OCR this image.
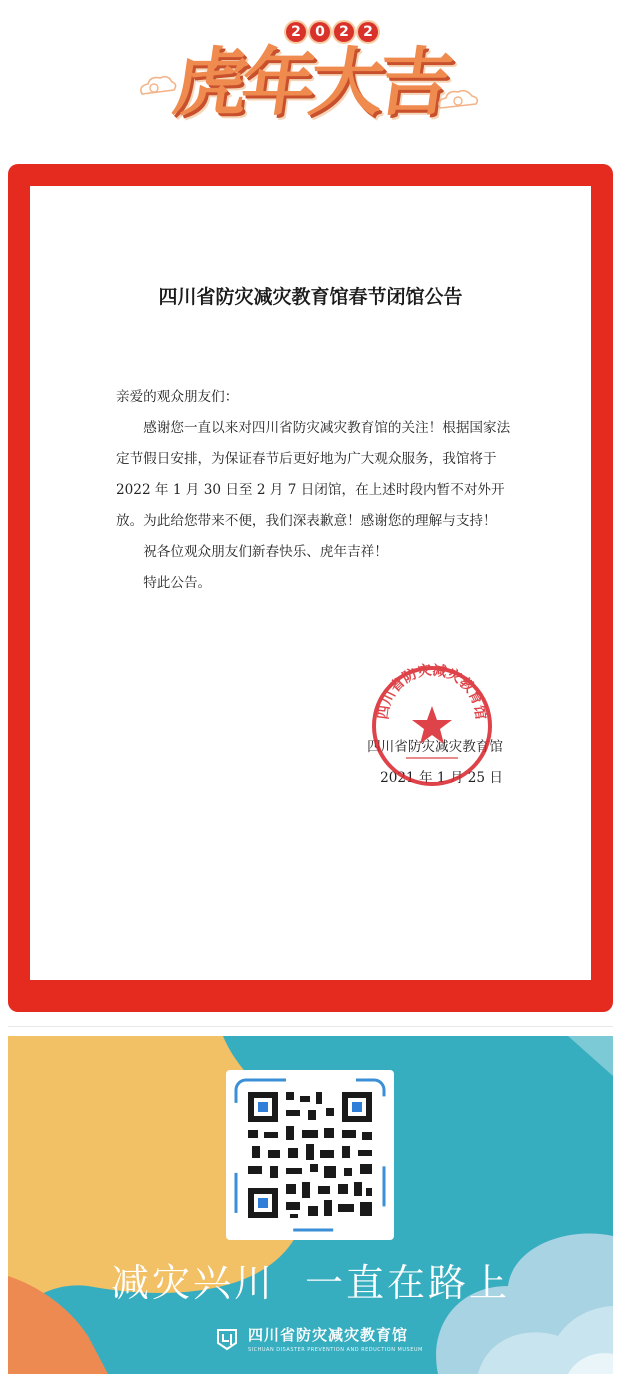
2	0	2	2
虎年大吉
四川省防灾减灾教育馆春节闭馆公告

亲爱的观众朋友们：

感谢您一直以来对四川省防灾减灾教育馆的关注！根据国家法定节假日安排，为保证春节后更好地为广大观众服务，我馆将于 2022 年 1 月 30 日至 2 月 7 日闭馆，在上述时段内暂不对外开放。为此给您带来不便，我们深表歉意！感谢您的理解与支持！

祝各位观众朋友们新春快乐、虎年吉祥！

特此公告。

四川省防灾减灾教育馆
2021 年 1 月 25 日
四川省防灾减灾教育馆
减灾兴川 一直在路上
四川省防灾减灾教育馆
SICHUAN DISASTER PREVENTION AND REDUCTION MUSEUM
